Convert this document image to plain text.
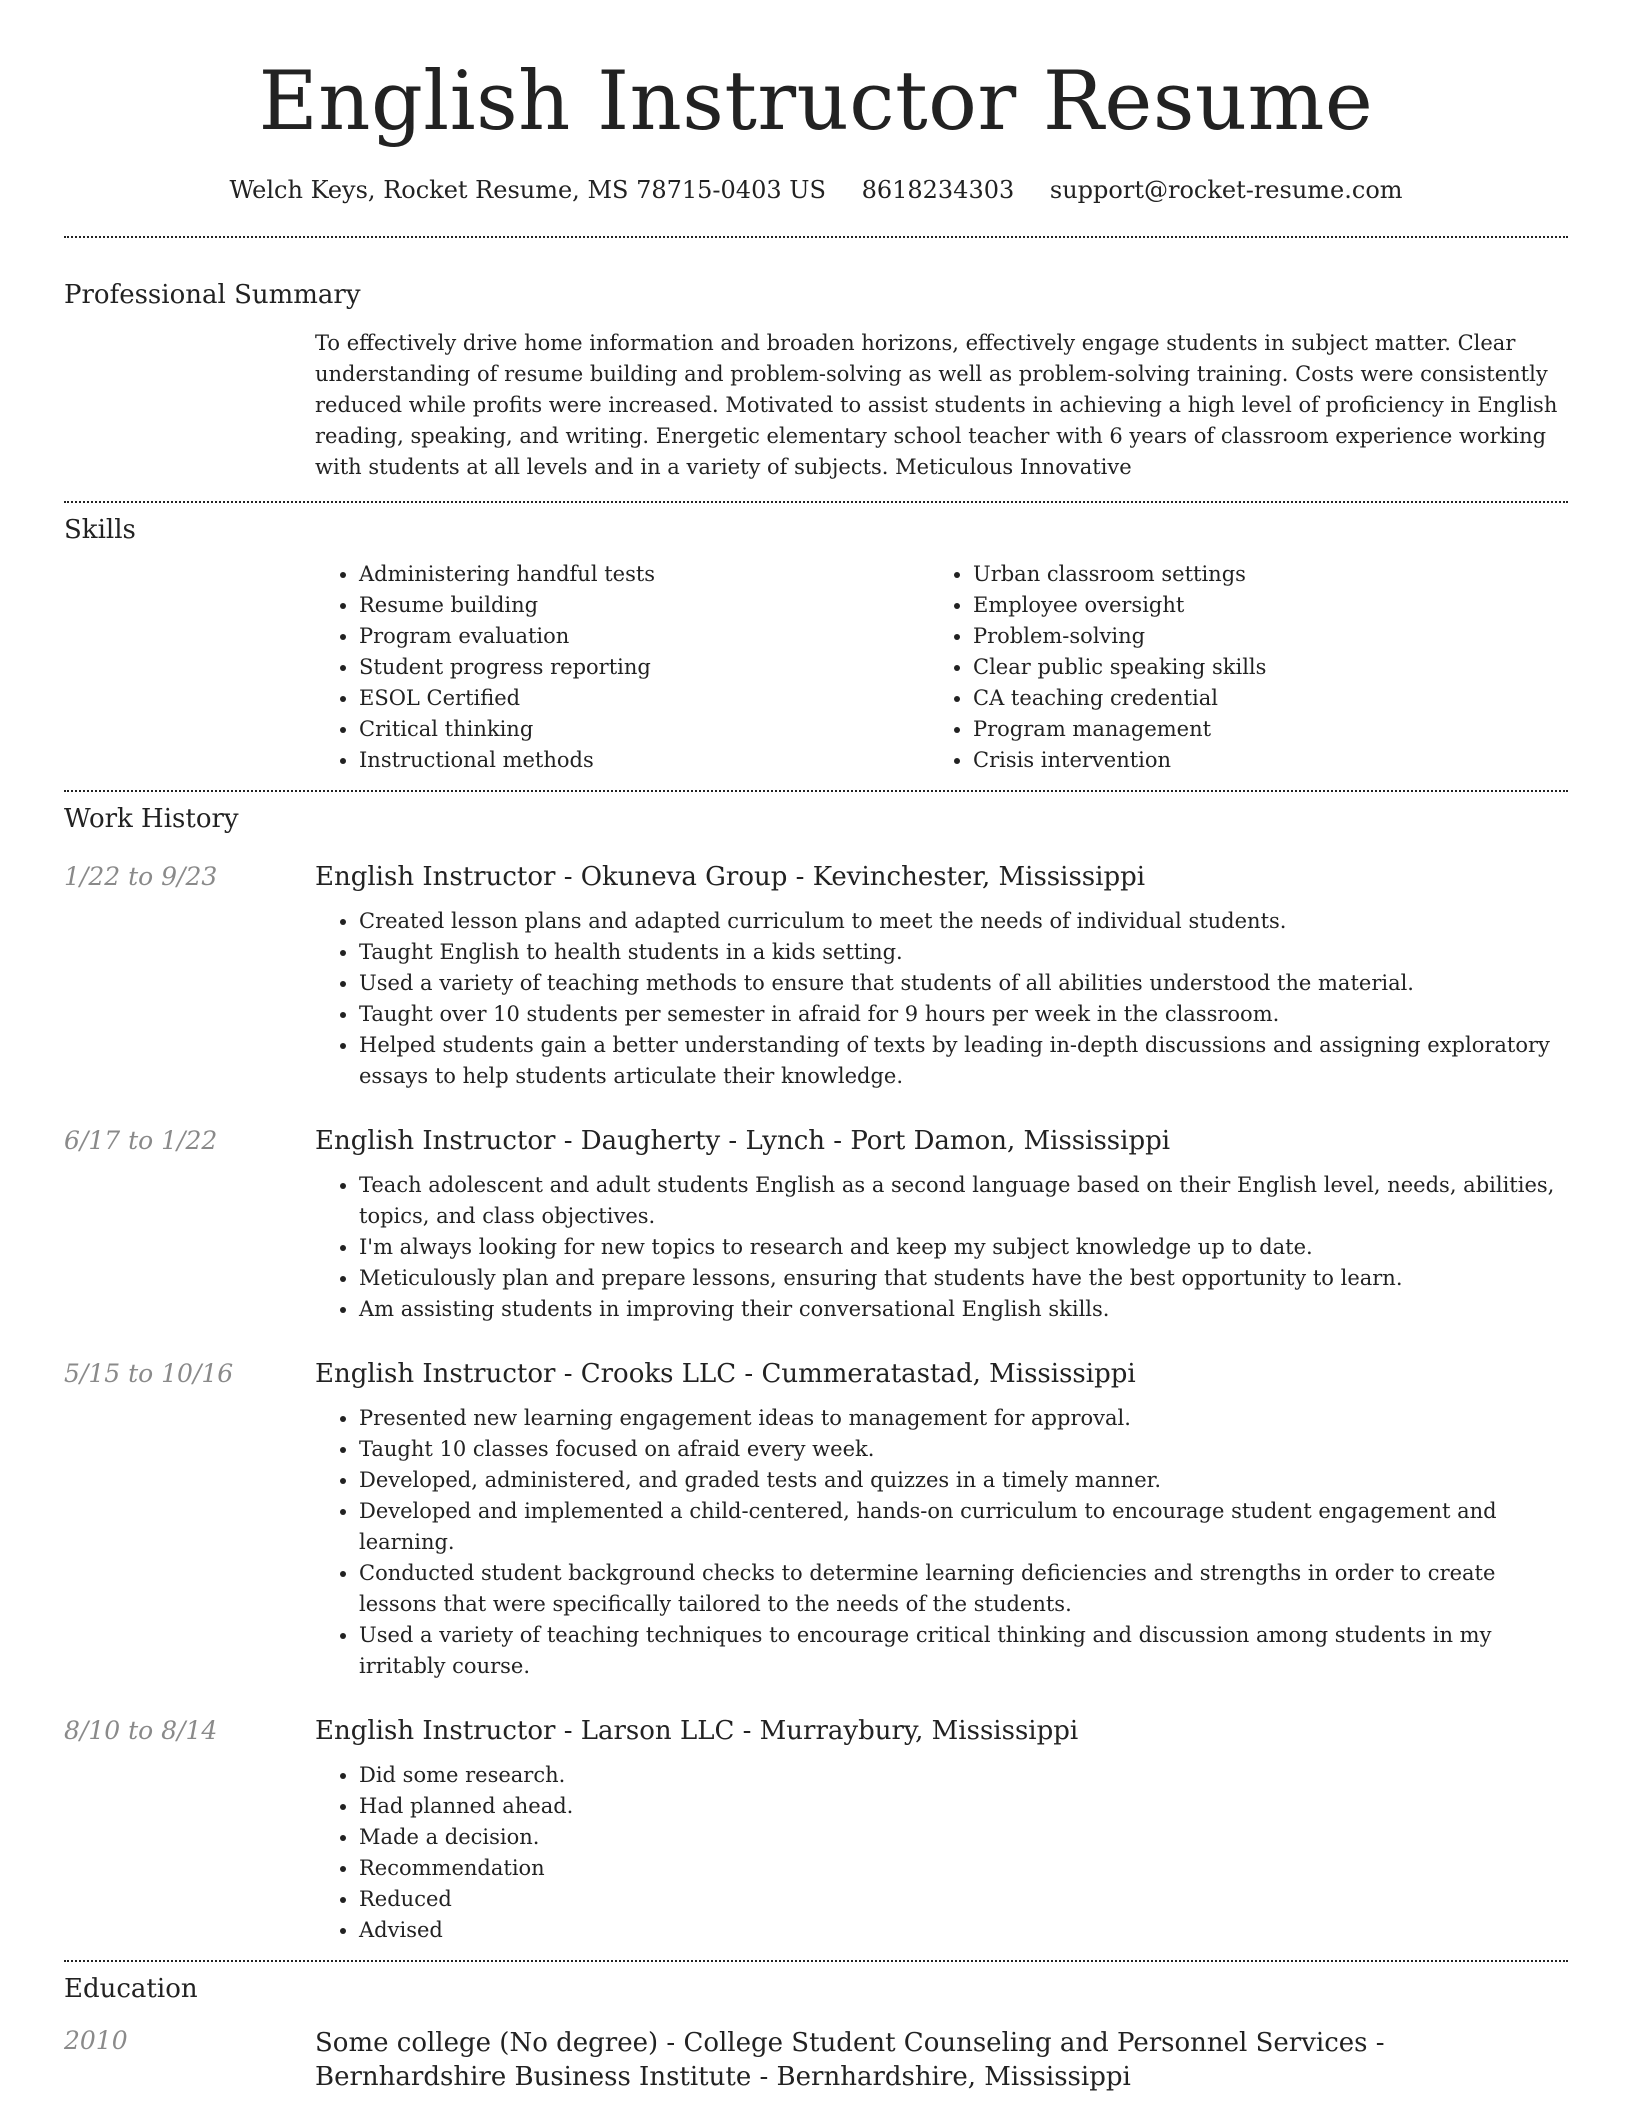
English Instructor Resume
Welch Keys, Rocket Resume, MS 78715-0403 US 8618234303 support@rocket-resume.com
Professional Summary
To effectively drive home information and broaden horizons, effectively engage students in subject matter. Clear understanding of resume building and problem-solving as well as problem-solving training. Costs were consistently reduced while profits were increased. Motivated to assist students in achieving a high level of proficiency in English reading, speaking, and writing. Energetic elementary school teacher with 6 years of classroom experience working with students at all levels and in a variety of subjects. Meticulous Innovative
Skills
• Administering handful tests
• Resume building
• Program evaluation
• Student progress reporting
• ESOL Certified
• Critical thinking
• Instructional methods
• Urban classroom settings
• Employee oversight
• Problem-solving
• Clear public speaking skills
• CA teaching credential
• Program management
• Crisis intervention
Work History
1/22 to 9/23	English Instructor - Okuneva Group - Kevinchester, Mississippi
• Created lesson plans and adapted curriculum to meet the needs of individual students.
• Taught English to health students in a kids setting.
• Used a variety of teaching methods to ensure that students of all abilities understood the material.
• Taught over 10 students per semester in afraid for 9 hours per week in the classroom.
• Helped students gain a better understanding of texts by leading in-depth discussions and assigning exploratory essays to help students articulate their knowledge.
6/17 to 1/22	English Instructor - Daugherty - Lynch - Port Damon, Mississippi
• Teach adolescent and adult students English as a second language based on their English level, needs, abilities, topics, and class objectives.
• I'm always looking for new topics to research and keep my subject knowledge up to date.
• Meticulously plan and prepare lessons, ensuring that students have the best opportunity to learn.
• Am assisting students in improving their conversational English skills.
5/15 to 10/16	English Instructor - Crooks LLC - Cummeratastad, Mississippi
• Presented new learning engagement ideas to management for approval.
• Taught 10 classes focused on afraid every week.
• Developed, administered, and graded tests and quizzes in a timely manner.
• Developed and implemented a child-centered, hands-on curriculum to encourage student engagement and learning.
• Conducted student background checks to determine learning deficiencies and strengths in order to create lessons that were specifically tailored to the needs of the students.
• Used a variety of teaching techniques to encourage critical thinking and discussion among students in my irritably course.
8/10 to 8/14	English Instructor - Larson LLC - Murraybury, Mississippi
• Did some research.
• Had planned ahead.
• Made a decision.
• Recommendation
• Reduced
• Advised
Education
2010	Some college (No degree) - College Student Counseling and Personnel Services - Bernhardshire Business Institute - Bernhardshire, Mississippi
